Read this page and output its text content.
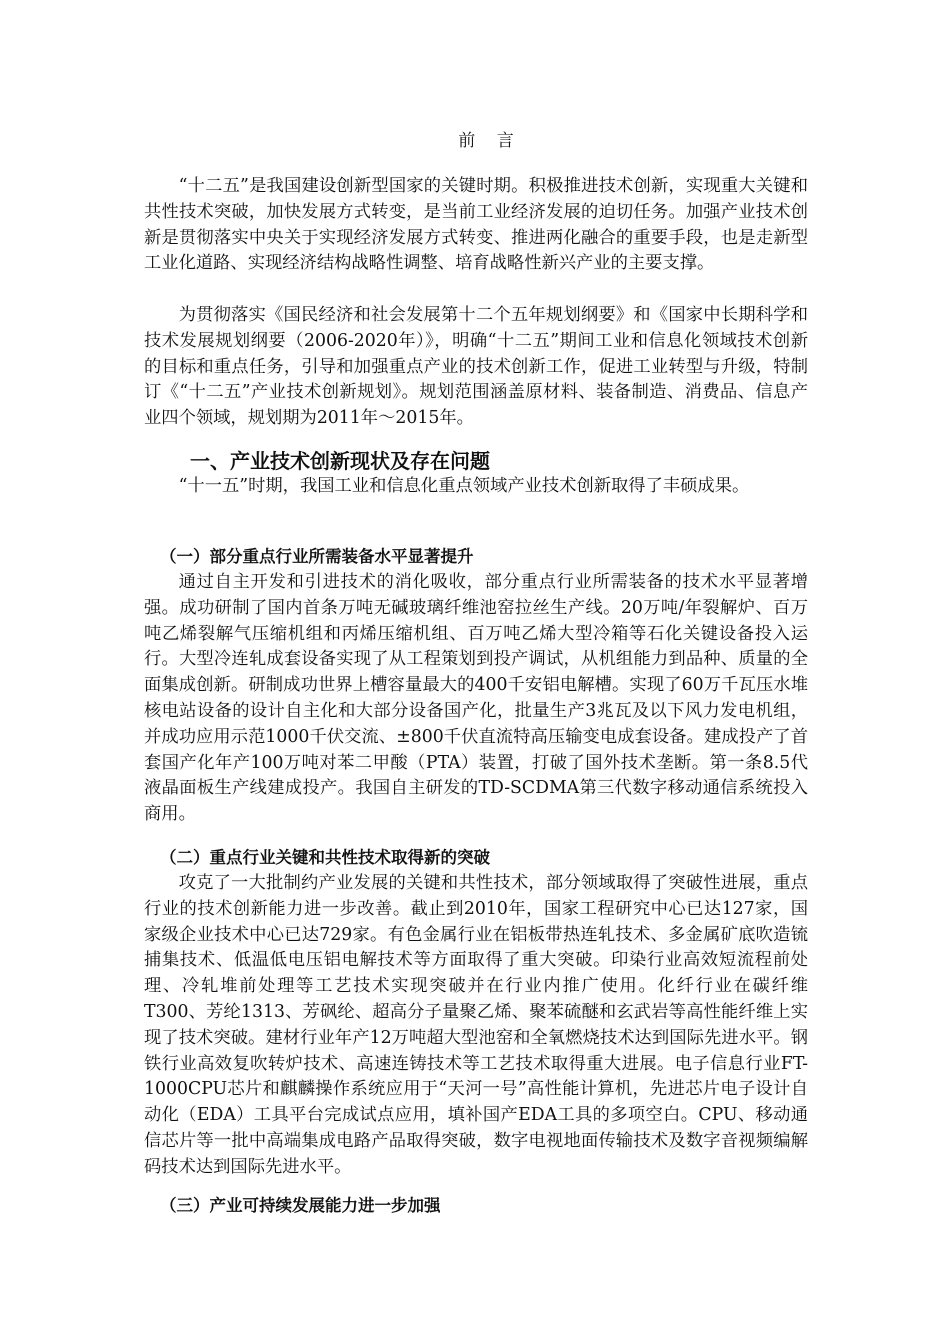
前 言

“十二五”是我国建设创新型国家的关键时期。积极推进技术创新，实现重大关键和共性技术突破，加快发展方式转变，是当前工业经济发展的迫切任务。加强产业技术创新是贯彻落实中央关于实现经济发展方式转变、推进两化融合的重要手段，也是走新型工业化道路、实现经济结构战略性调整、培育战略性新兴产业的主要支撑。

为贯彻落实《国民经济和社会发展第十二个五年规划纲要》和《国家中长期科学和技术发展规划纲要（2006-2020年）》，明确“十二五”期间工业和信息化领域技术创新的目标和重点任务，引导和加强重点产业的技术创新工作，促进工业转型与升级，特制订《“十二五”产业技术创新规划》。规划范围涵盖原材料、装备制造、消费品、信息产业四个领域，规划期为2011年～2015年。

一、产业技术创新现状及存在问题

“十一五”时期，我国工业和信息化重点领域产业技术创新取得了丰硕成果。

（一）部分重点行业所需装备水平显著提升

通过自主开发和引进技术的消化吸收，部分重点行业所需装备的技术水平显著增强。成功研制了国内首条万吨无碱玻璃纤维池窑拉丝生产线。20万吨/年裂解炉、百万吨乙烯裂解气压缩机组和丙烯压缩机组、百万吨乙烯大型冷箱等石化关键设备投入运行。大型冷连轧成套设备实现了从工程策划到投产调试，从机组能力到品种、质量的全面集成创新。研制成功世界上槽容量最大的400千安铝电解槽。实现了60万千瓦压水堆核电站设备的设计自主化和大部分设备国产化，批量生产3兆瓦及以下风力发电机组，并成功应用示范1000千伏交流、±800千伏直流特高压输变电成套设备。建成投产了首套国产化年产100万吨对苯二甲酸（PTA）装置，打破了国外技术垄断。第一条8.5代液晶面板生产线建成投产。我国自主研发的TD-SCDMA第三代数字移动通信系统投入商用。

（二）重点行业关键和共性技术取得新的突破

攻克了一大批制约产业发展的关键和共性技术，部分领域取得了突破性进展，重点行业的技术创新能力进一步改善。截止到2010年，国家工程研究中心已达127家，国家级企业技术中心已达729家。有色金属行业在铝板带热连轧技术、多金属矿底吹造锍捕集技术、低温低电压铝电解技术等方面取得了重大突破。印染行业高效短流程前处理、冷轧堆前处理等工艺技术实现突破并在行业内推广使用。化纤行业在碳纤维T300、芳纶1313、芳砜纶、超高分子量聚乙烯、聚苯硫醚和玄武岩等高性能纤维上实现了技术突破。建材行业年产12万吨超大型池窑和全氧燃烧技术达到国际先进水平。钢铁行业高效复吹转炉技术、高速连铸技术等工艺技术取得重大进展。电子信息行业FT-1000CPU芯片和麒麟操作系统应用于“天河一号”高性能计算机，先进芯片电子设计自动化（EDA）工具平台完成试点应用，填补国产EDA工具的多项空白。CPU、移动通信芯片等一批中高端集成电路产品取得突破，数字电视地面传输技术及数字音视频编解码技术达到国际先进水平。

（三）产业可持续发展能力进一步加强
